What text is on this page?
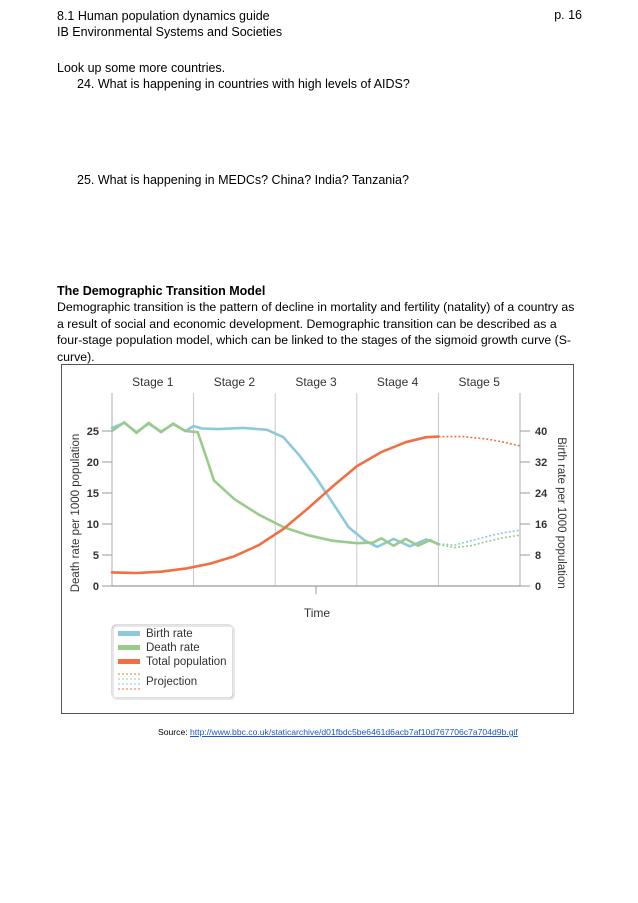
8.1 Human population dynamics guide	p. 16
IB Environmental Systems and Societies
Look up some more countries.
24. What is happening in countries with high levels of AIDS?
25. What is happening in MEDCs? China? India? Tanzania?
The Demographic Transition Model
Demographic transition is the pattern of decline in mortality and fertility (natality) of a country as a result of social and economic development. Demographic transition can be described as a four-stage population model, which can be linked to the stages of the sigmoid growth curve (S-curve).
Stage 1	Stage 2	Stage 3	Stage 4	Stage 5
0
5
10
15
20
25
0
8
16
24
32
40
Death rate per 1000 population	Birth rate per 1000 population
Time
Birth rate
Death rate
Total population
Projection
Source: http://www.bbc.co.uk/staticarchive/d01fbdc5be6461d6acb7af10d767706c7a704d9b.gif
